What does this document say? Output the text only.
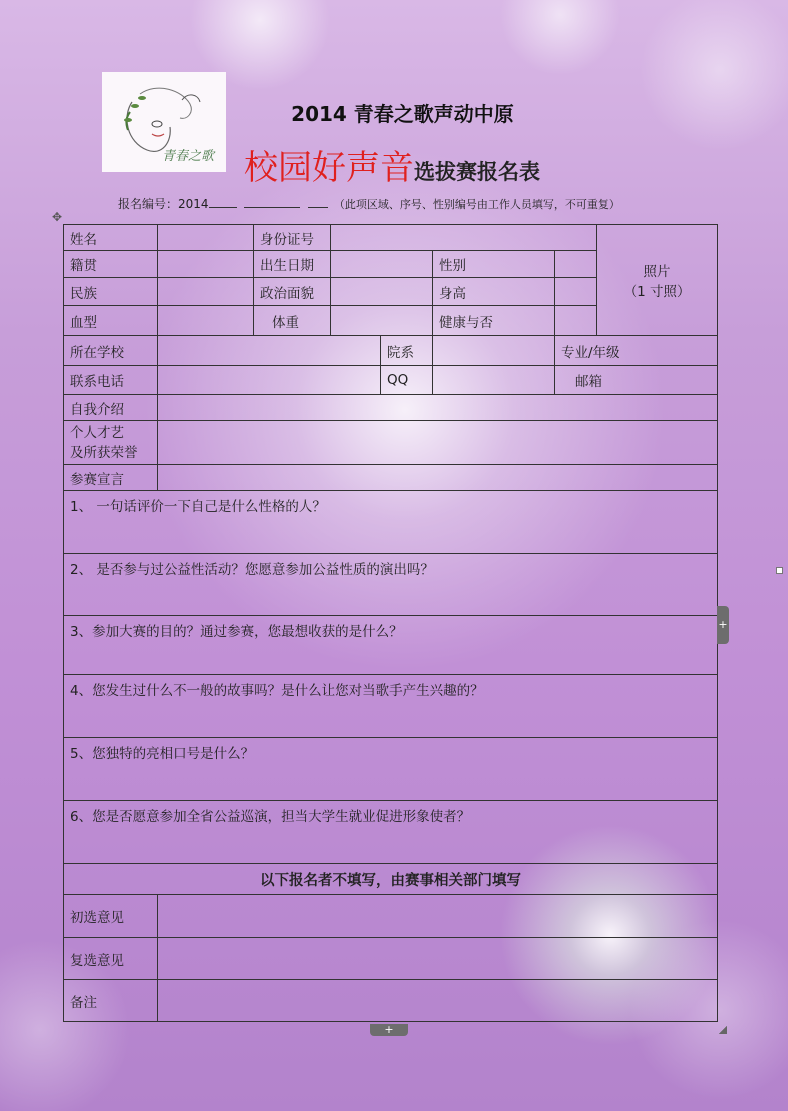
青春之歌
2014 青春之歌声动中原
校园好声音选拔赛报名表
报名编号：2014	（此项区域、序号、性别编号由工作人员填写，不可重复）
✥
姓名		身份证号					照片
（1 寸照）

籍贯		出生日期			性别		
民族		政治面貌			身高		
血型		体重			健康与否		
所在学校				院系		专业/年级	
联系电话				QQ		邮箱	
自我介绍							

个人才艺
及所获荣誉							

参赛宣言							
1、 一句话评价一下自己是什么性格的人？							
2、 是否参与过公益性活动？您愿意参加公益性质的演出吗？							
3、参加大赛的目的？通过参赛，您最想收获的是什么？							
4、您发生过什么不一般的故事吗？是什么让您对当歌手产生兴趣的？							
5、您独特的亮相口号是什么？							
6、您是否愿意参加全省公益巡演，担当大学生就业促进形象使者？							
以下报名者不填写，由赛事相关部门填写							
初选意见							
复选意见							
备注							
+
+
